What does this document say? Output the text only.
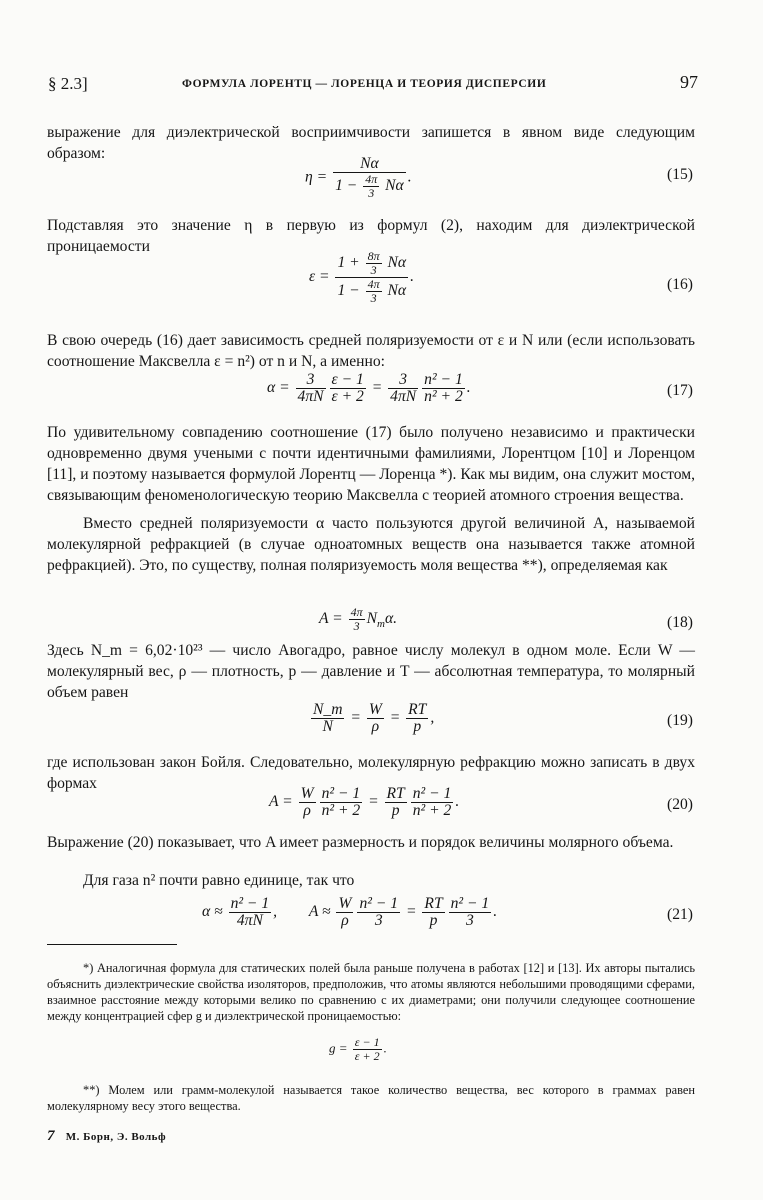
§ 2.3]	ФОРМУЛА ЛОРЕНТЦ — ЛОРЕНЦА И ТЕОРИЯ ДИСПЕРСИИ	97

выражение для диэлектрической восприимчивости запишется в явном виде следующим образом:

$\eta = \frac{N\alpha}{1 - \frac{4\pi}{3} N\alpha}$ .	(15)

Подставляя это значение η в первую из формул (2), находим для диэлектрической проницаемости

$\varepsilon = \frac{1 + \frac{8\pi}{3} N\alpha}{1 - \frac{4\pi}{3} N\alpha}$ .	(16)

В свою очередь (16) дает зависимость средней поляризуемости от ε и N или (если использовать соотношение Максвелла ε = n²) от n и N, а именно:

$\alpha = \frac{3}{4\pi N} \frac{\varepsilon - 1}{\varepsilon + 2} = \frac{3}{4\pi N} \frac{\text{n² − 1}}{\text{n² + 2}}$ .	(17)

По удивительному совпадению соотношение (17) было получено независимо и практически одновременно двумя учеными с почти идентичными фамилиями, Лорентцом [10] и Лоренцом [11], и поэтому называется формулой Лорентц — Лоренца *). Как мы видим, она служит мостом, связывающим феноменологическую теорию Максвелла с теорией атомного строения вещества.

Вместо средней поляризуемости α часто пользуются другой величиной A, называемой молекулярной рефракцией (в случае одноатомных веществ она называется также атомной рефракцией). Это, по существу, полная поляризуемость моля вещества **), определяемая как

$A = \frac{4\pi}{3} N_m\alpha$.	(18)

Здесь N_m = 6,02·10²³ — число Авогадро, равное числу молекул в одном моле. Если W — молекулярный вес, ρ — плотность, p — давление и T — абсолютная температура, то молярный объем равен

$\frac{N\_m}{N} = \frac{W}{\rho} = \frac{RT}{p}$ ,	(19)

где использован закон Бойля. Следовательно, молекулярную рефракцию можно записать в двух формах

$A = \frac{W}{\rho} \frac{\text{n² − 1}}{\text{n² + 2}} = \frac{RT}{p} \frac{\text{n² − 1}}{\text{n² + 2}}$ .	(20)

Выражение (20) показывает, что A имеет размерность и порядок величины молярного объема.

Для газа n² почти равно единице, так что

$\alpha \approx \frac{\text{n² − 1}}{4\pi N}$ , $A \approx \frac{W}{\rho} \frac{\text{n² − 1}}{3} = \frac{RT}{p} \frac{\text{n² − 1}}{3}$ .	(21)

*) Аналогичная формула для статических полей была раньше получена в работах [12] и [13]. Их авторы пытались объяснить диэлектрические свойства изоляторов, предположив, что атомы являются небольшими проводящими сферами, взаимное расстояние между которыми велико по сравнению с их диаметрами; они получили следующее соотношение между концентрацией сфер g и диэлектрической проницаемостью:

$g = \frac{\varepsilon - 1}{\varepsilon + 2}$ .

**) Молем или грамм-молекулой называется такое количество вещества, вес которого в граммах равен молекулярному весу этого вещества.

7 М. Борн, Э. Вольф
